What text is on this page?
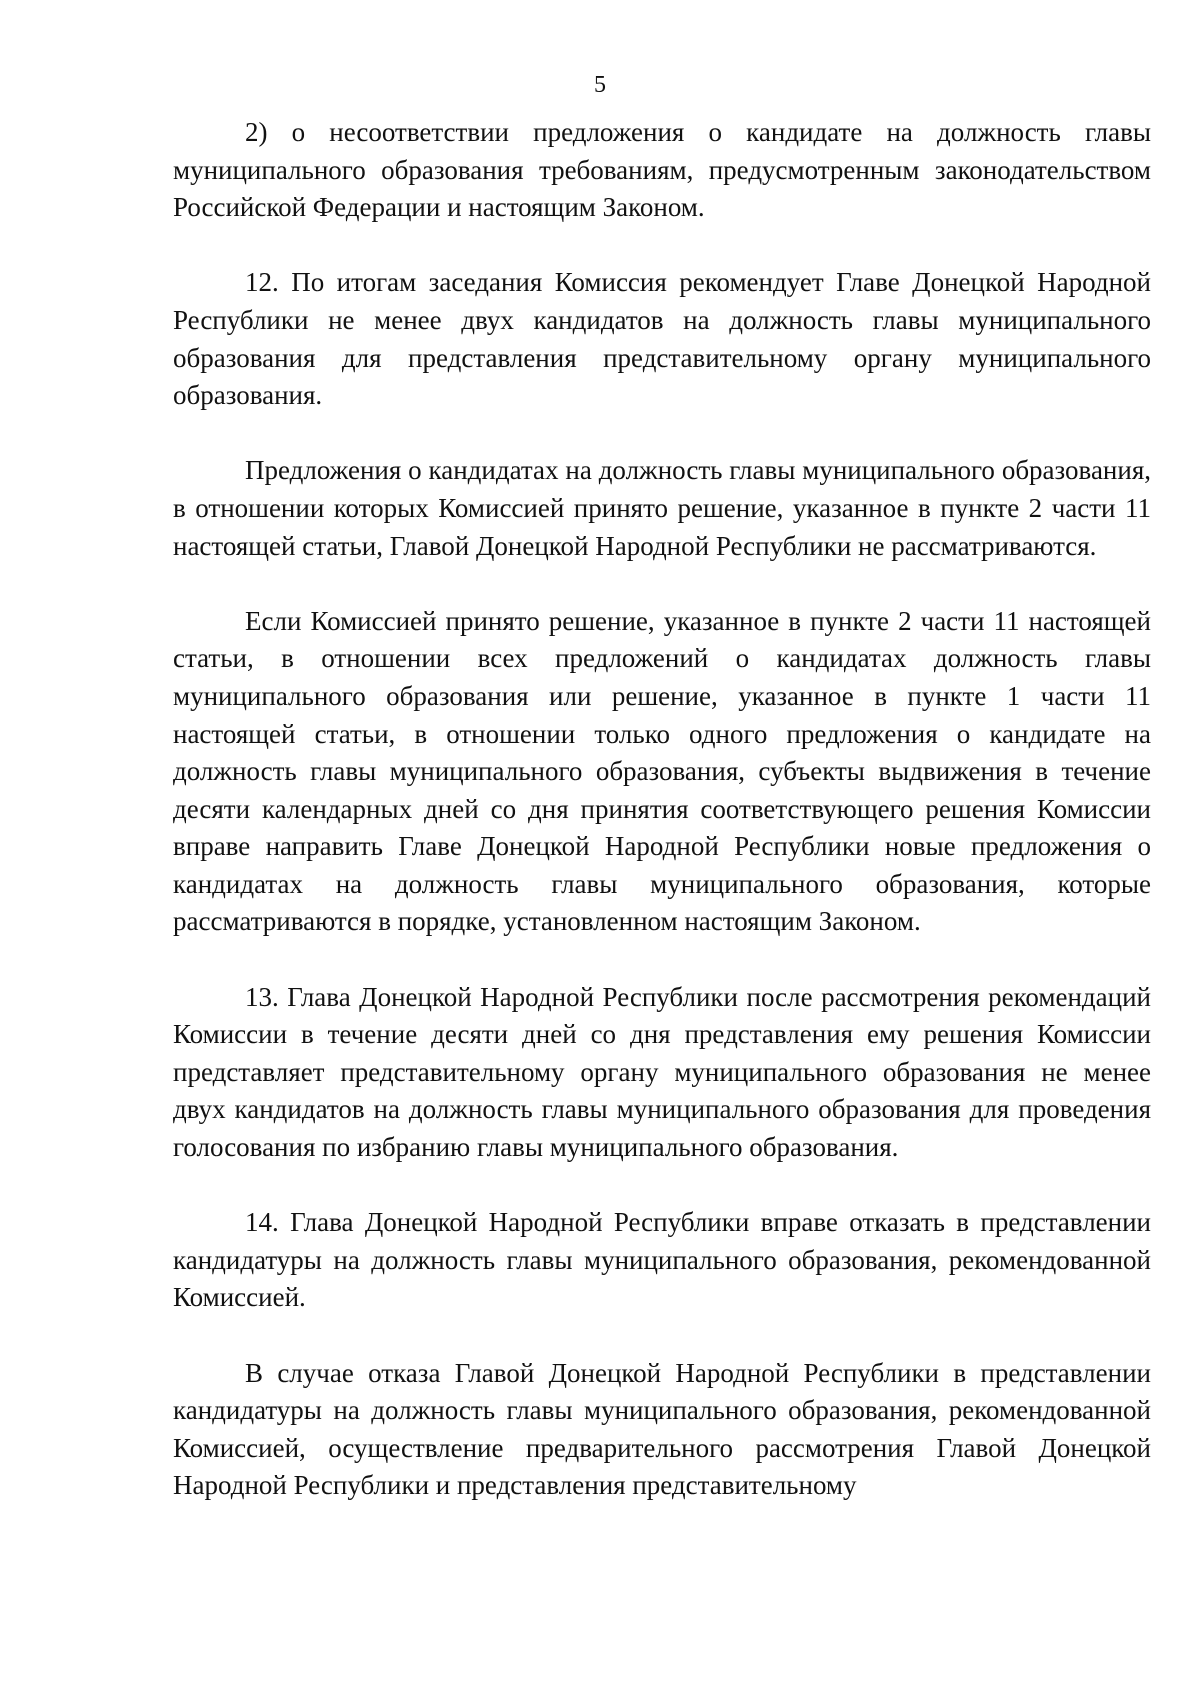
5

2) о несоответствии предложения о кандидате на должность главы муниципального образования требованиям, предусмотренным законодательством Российской Федерации и настоящим Законом.

12. По итогам заседания Комиссия рекомендует Главе Донецкой Народной Республики не менее двух кандидатов на должность главы муниципального образования для представления представительному органу муниципального образования.

Предложения о кандидатах на должность главы муниципального образования, в отношении которых Комиссией принято решение, указанное в пункте 2 части 11 настоящей статьи, Главой Донецкой Народной Республики не рассматриваются.

Если Комиссией принято решение, указанное в пункте 2 части 11 настоящей статьи, в отношении всех предложений о кандидатах должность главы муниципального образования или решение, указанное в пункте 1 части 11 настоящей статьи, в отношении только одного предложения о кандидате на должность главы муниципального образования, субъекты выдвижения в течение десяти календарных дней со дня принятия соответствующего решения Комиссии вправе направить Главе Донецкой Народной Республики новые предложения о кандидатах на должность главы муниципального образования, которые рассматриваются в порядке, установленном настоящим Законом.

13. Глава Донецкой Народной Республики после рассмотрения рекомендаций Комиссии в течение десяти дней со дня представления ему решения Комиссии представляет представительному органу муниципального образования не менее двух кандидатов на должность главы муниципального образования для проведения голосования по избранию главы муниципального образования.

14. Глава Донецкой Народной Республики вправе отказать в представлении кандидатуры на должность главы муниципального образования, рекомендованной Комиссией.

В случае отказа Главой Донецкой Народной Республики в представлении кандидатуры на должность главы муниципального образования, рекомендованной Комиссией, осуществление предварительного рассмотрения Главой Донецкой Народной Республики и представления представительному
